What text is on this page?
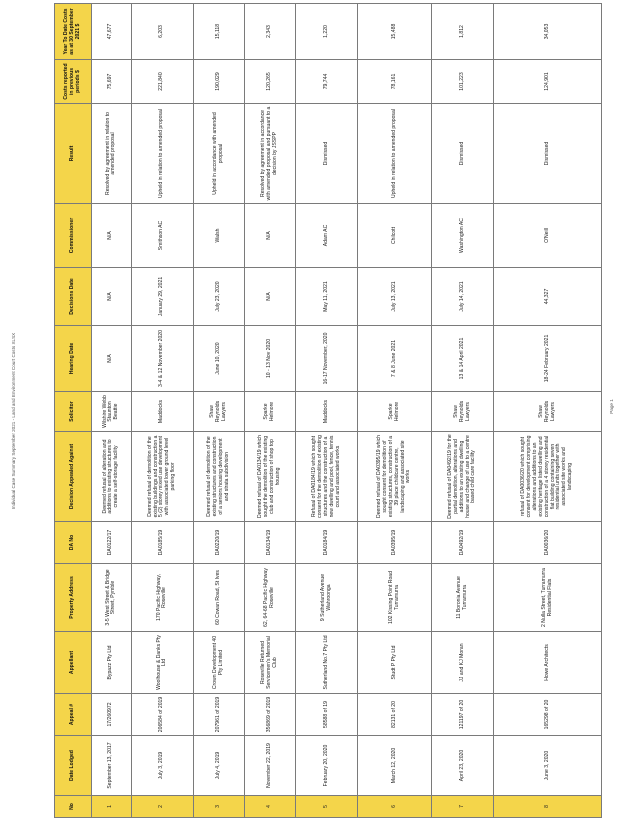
Individual Case Summary September 2021 - Land and Environment Court Costs XLSX
No	Date Lodged	Appeal #	Appellant	Property Address	DA No	Decision Appealed Against	Solicitor	Hearing Date	Decisions Date	Commissioner	Result	Costs reported in previous periods $	Year To Date Costs as at 30 September 2021 $
1	September 13, 2017	17/260972	Bypazz Pty Ltd	3-5 West Street & Bridge Street, Pymble	DA0122/17	Deemed refusal of alteration and additions to existing structures to create a self-storage facility	Wilshire Webb Staunton Beattie	N/A	N/A	N/A	Resolved by agreement in relation to amended proposal	75,697	47,677
2	July 3, 2019	206584 of 2019	Woolhouse & Danks Pty Ltd	170 Pacific Highway, Roseville	DA0185/19	Deemed refusal of demolition of the existing buildings and construction a 5 (2) storey mixed use development with associated lower ground level parking floor	Maddocks	3-4 & 12 November 2020	January 29, 2021	Smithson AC	Upheld in relation to amended proposal	221,840	6,203
3	July 4, 2019	207961 of 2019	Crown Development 40 Pty Limited	60 Cowan Road, St Ives	DA0220/19	Deemed refusal of demolition of the existing structures and construction of a seniors housing development and strata subdivision	Shaw Reynolds Lawyers	June 10, 2020	July 23, 2020	Walsh	Upheld in accordance with amended proposal	190,029	15,118
4	November 22, 2019	356869 of 2019	Roseville Returned Servicemen's Memorial Club	62, 64-68 Pacific Highway Roseville	DA0134/19	Deemed refusal of DA0134/19 which sought the demolition of the existing club and construction of shop top housing	Sparke Helmore	10 - 13 Nov 2020	N/A	N/A	Resolved by agreement in accordance with amended proposal and pursuant to a decision by JSSPP	120,265	2,343
5	February 20, 2020	58588 of 19	Sutherland No.7 Pty Ltd	9 Sutherland Avenue Wahroonga	DA0184/19	Refusal of DA0184/19 which sought consent for the demolition of existing structures and the construction of a new dwelling and pool, fence, tennis court and associated works	Maddocks	16-17 November, 2020	May 11, 2021	Adam AC	Dismissed	79,744	1,220
6	March 12, 2020	82131 of 20	Studt P Pty Ltd	102 Kissing Point Road Turramurra	DA0395/19	Deemed refusal of DA0395/19 which sought consent for demolition of existing structures, construction of a 39 place childcare centre, landscaping and associated site works	Sparke Helmore	7 & 8 June 2021	July 13, 2021	Chilcott	Upheld in relation to amended proposal	78,161	15,488
7	April 23, 2020	121197 of 20	JJ and KJ Moran	11 Boronia Avenue Turramurra	DA0492/19	Deemed refusal of DA0492/19 for the partial demolition, alterations and additions to an existing dwelling house and change of use to a centre based child care facility	Shaw Reynolds Lawyers	13 & 14 April 2021	July 14, 2021	Washington AC	Dismissed	101,223	1,812
8	June 3, 2020	165298 of 20	Howe Architects	2 Nulla Street, Turramurra Residential Flats	DA0036/20	refusal of DA0036/20 which sought consent for development comprising alterations and additions to an existing heritage listed dwelling and construction of a 4 storey residential flat building containing seven residential units together with associated site works and landscaping	Shaw Reynolds Lawyers	18-24 February 2021	44,327	O'Neill	Dismissed	124,901	34,053
Page 1
